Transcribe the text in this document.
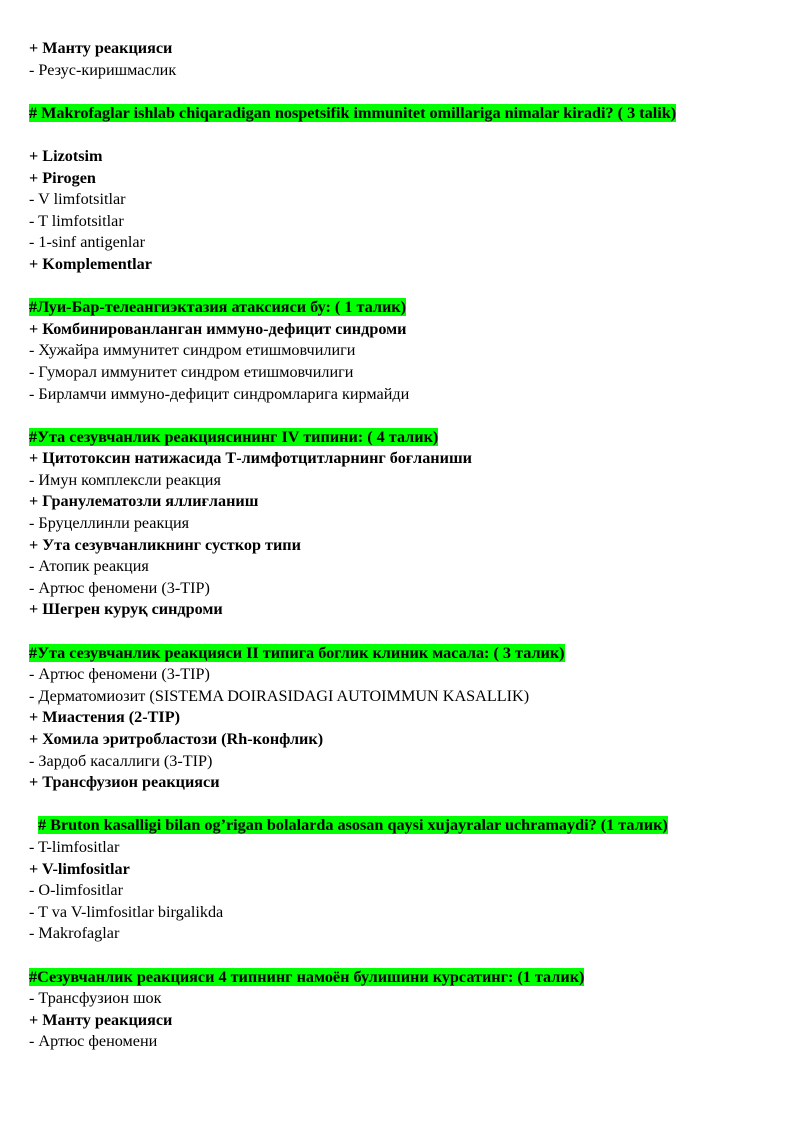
+ Манту реакцияси
- Резус-киришмаслик
# Makrofaglar ishlab chiqaradigan nospetsifik immunitet omillariga nimalar kiradi? ( 3 talik)
+ Lizotsim
+ Pirogen
- V limfotsitlar
- T limfotsitlar
- 1-sinf antigenlar
+ Komplementlar
#Луи-Бар-телеангиэктазия атаксияси бу: ( 1 талик)
+ Комбинированланган иммуно-дефицит синдроми
- Хужайра иммунитет синдром етишмовчилиги
- Гуморал иммунитет синдром етишмовчилиги
- Бирламчи иммуно-дефицит синдромларига кирмайди
#Ута сезувчанлик реакциясининг IV типини: ( 4 талик)
+ Цитотоксин натижасида Т-лимфотцитларнинг боғланиши
- Имун комплексли реакция
+ Гранулематозли яллиғланиш
- Бруцеллинли реакция
+ Ута сезувчанликнинг сусткор типи
- Атопик реакция
- Артюс феномени (3-TIP)
+ Шегрен куруқ синдроми
#Ута сезувчанлик реакцияси II типига боглик клиник масала: ( 3 талик)
- Артюс феномени (3-TIP)
- Дерматомиозит (SISTEMA DOIRASIDAGI AUTOIMMUN KASALLIK)
+ Миастения (2-TIP)
+ Хомила эритробластози (Rh-конфлик)
- Зардоб касаллиги (3-TIP)
+ Трансфузион реакцияси
# Bruton kasalligi bilan og’rigan bolalarda asosan qaysi xujayralar uchramaydi? (1 талик)
- T-limfositlar
+ V-limfositlar
- O-limfositlar
- T va V-limfositlar birgalikda
- Makrofaglar
#Сезувчанлик реакцияси 4 типнинг намоён булишини курсатинг: (1 талик)
- Трансфузион шок
+ Манту реакцияси
- Артюс феномени
